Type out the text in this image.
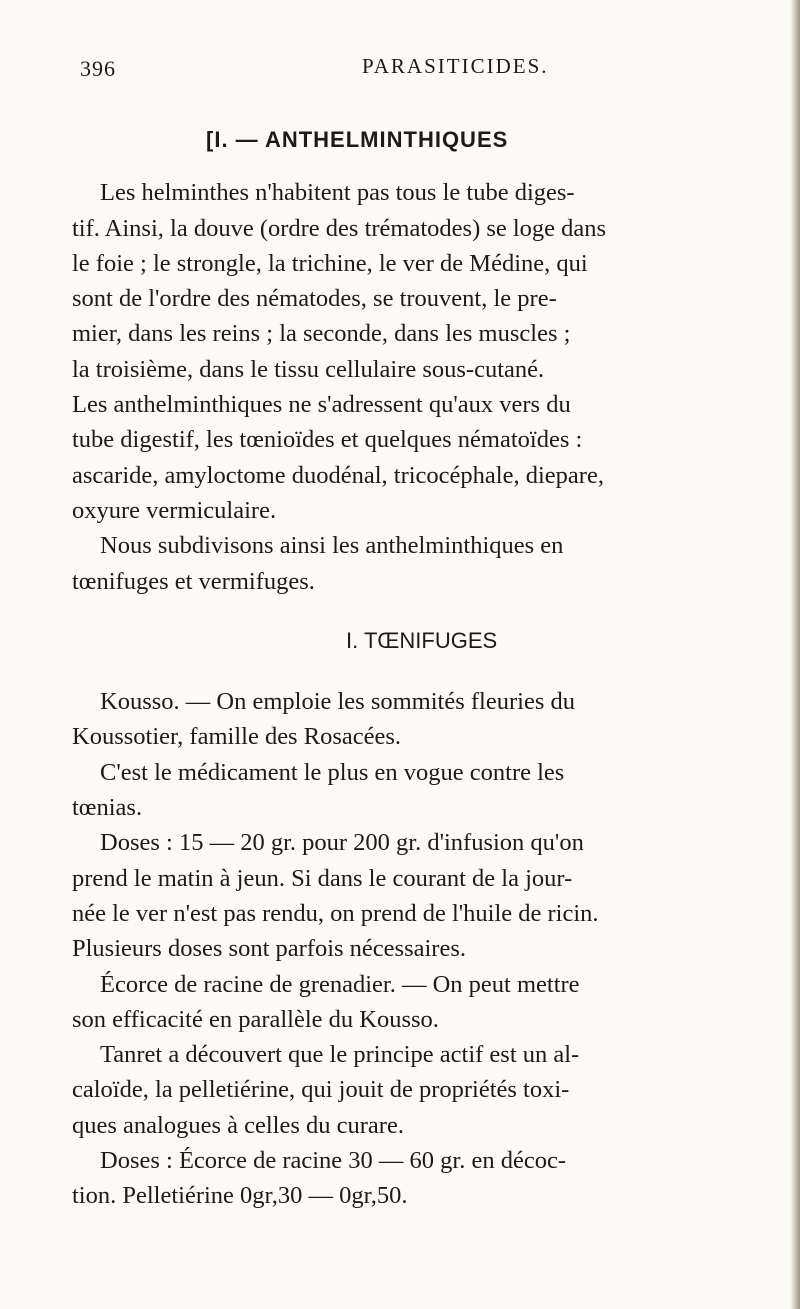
396	PARASITICIDES.
[I. — ANTHELMINTHIQUES

Les helminthes n'habitent pas tous le tube diges-
tif. Ainsi, la douve (ordre des trématodes) se loge dans
le foie ; le strongle, la trichine, le ver de Médine, qui
sont de l'ordre des nématodes, se trouvent, le pre-
mier, dans les reins ; la seconde, dans les muscles ;
la troisième, dans le tissu cellulaire sous-cutané.
Les anthelminthiques ne s'adressent qu'aux vers du
tube digestif, les tœnioïdes et quelques nématoïdes :
ascaride, amyloctome duodénal, tricocéphale, diepare,
oxyure vermiculaire.

Nous subdivisons ainsi les anthelminthiques en
tœnifuges et vermifuges.

I. TŒNIFUGES

Kousso. — On emploie les sommités fleuries du
Koussotier, famille des Rosacées.

C'est le médicament le plus en vogue contre les
tœnias.

Doses : 15 — 20 gr. pour 200 gr. d'infusion qu'on
prend le matin à jeun. Si dans le courant de la jour-
née le ver n'est pas rendu, on prend de l'huile de ricin.
Plusieurs doses sont parfois nécessaires.

Écorce de racine de grenadier. — On peut mettre
son efficacité en parallèle du Kousso.

Tanret a découvert que le principe actif est un al-
caloïde, la pelletiérine, qui jouit de propriétés toxi-
ques analogues à celles du curare.

Doses : Écorce de racine 30 — 60 gr. en décoc-
tion. Pelletiérine 0gr,30 — 0gr,50.
